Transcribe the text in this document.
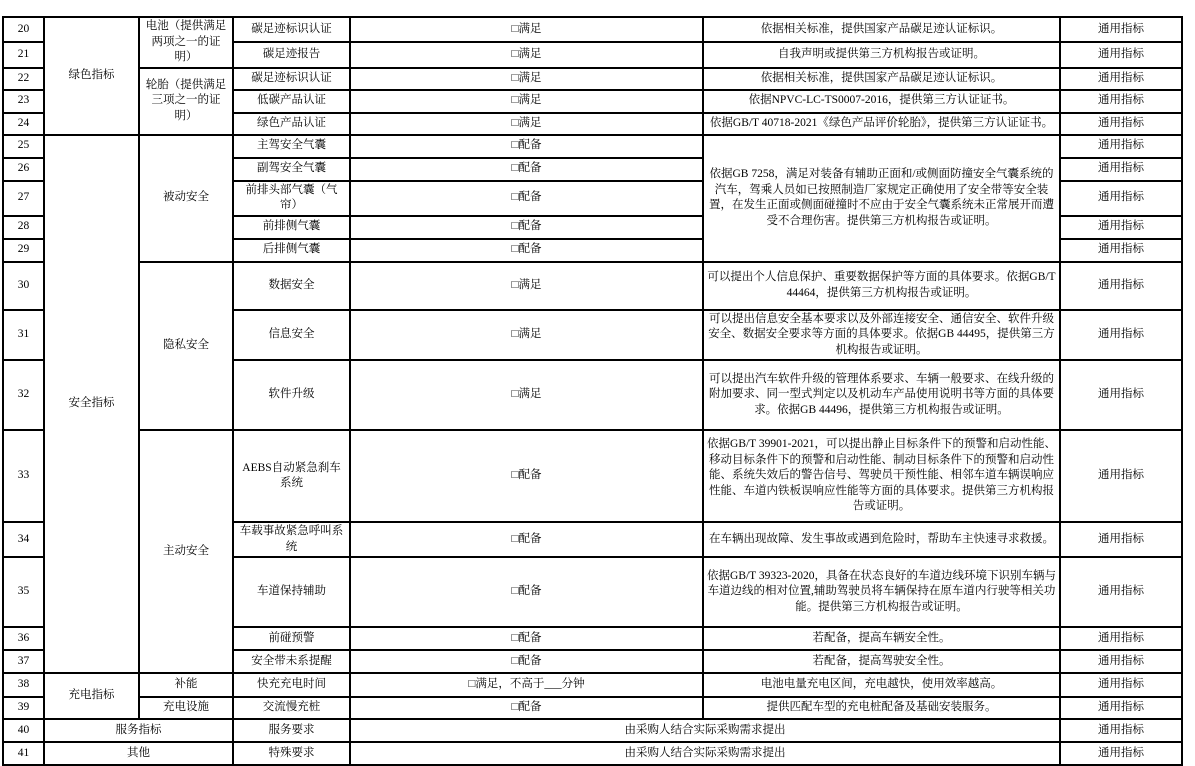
20	绿色指标	电池（提供满足两项之一的证明）	碳足迹标识认证	□满足	依据相关标准，提供国家产品碳足迹认证标识。	通用指标
21			碳足迹报告	□满足	自我声明或提供第三方机构报告或证明。	通用指标
22		轮胎（提供满足三项之一的证明）	碳足迹标识认证	□满足	依据相关标准，提供国家产品碳足迹认证标识。	通用指标
23			低碳产品认证	□满足	依据NPVC-LC-TS0007-2016，提供第三方认证证书。	通用指标
24			绿色产品认证	□满足	依据GB/T 40718-2021《绿色产品评价轮胎》，提供第三方认证证书。	通用指标
25	安全指标	被动安全	主驾安全气囊	□配备	依据GB 7258，满足对装备有辅助正面和/或侧面防撞安全气囊系统的汽车，驾乘人员如已按照制造厂家规定正确使用了安全带等安全装置，在发生正面或侧面碰撞时不应由于安全气囊系统未正常展开而遭受不合理伤害。提供第三方机构报告或证明。	通用指标
26			副驾安全气囊	□配备		通用指标
27			前排头部气囊（气帘）	□配备		通用指标
28			前排侧气囊	□配备		通用指标
29			后排侧气囊	□配备		通用指标
30		隐私安全	数据安全	□满足	可以提出个人信息保护、重要数据保护等方面的具体要求。依据GB/T 44464，提供第三方机构报告或证明。	通用指标
31			信息安全	□满足	可以提出信息安全基本要求以及外部连接安全、通信安全、软件升级安全、数据安全要求等方面的具体要求。依据GB 44495，提供第三方机构报告或证明。	通用指标
32			软件升级	□满足	可以提出汽车软件升级的管理体系要求、车辆一般要求、在线升级的附加要求、同一型式判定以及机动车产品使用说明书等方面的具体要求。依据GB 44496，提供第三方机构报告或证明。	通用指标
33		主动安全	AEBS自动紧急刹车系统	□配备	依据GB/T 39901-2021，可以提出静止目标条件下的预警和启动性能、移动目标条件下的预警和启动性能、制动目标条件下的预警和启动性能、系统失效后的警告信号、驾驶员干预性能、相邻车道车辆误响应性能、车道内铁板误响应性能等方面的具体要求。提供第三方机构报告或证明。	通用指标
34			车载事故紧急呼叫系统	□配备	在车辆出现故障、发生事故或遇到危险时，帮助车主快速寻求救援。	通用指标
35			车道保持辅助	□配备	依据GB/T 39323-2020，具备在状态良好的车道边线环境下识别车辆与车道边线的相对位置,辅助驾驶员将车辆保持在原车道内行驶等相关功能。提供第三方机构报告或证明。	通用指标
36			前碰预警	□配备	若配备，提高车辆安全性。	通用指标
37			安全带未系提醒	□配备	若配备，提高驾驶安全性。	通用指标
38	充电指标	补能	快充充电时间	□满足，不高于___分钟	电池电量充电区间，充电越快，使用效率越高。	通用指标
39		充电设施	交流慢充桩	□配备	提供匹配车型的充电桩配备及基础安装服务。	通用指标
40	服务指标		服务要求	由采购人结合实际采购需求提出		通用指标
41	其他		特殊要求	由采购人结合实际采购需求提出		通用指标
